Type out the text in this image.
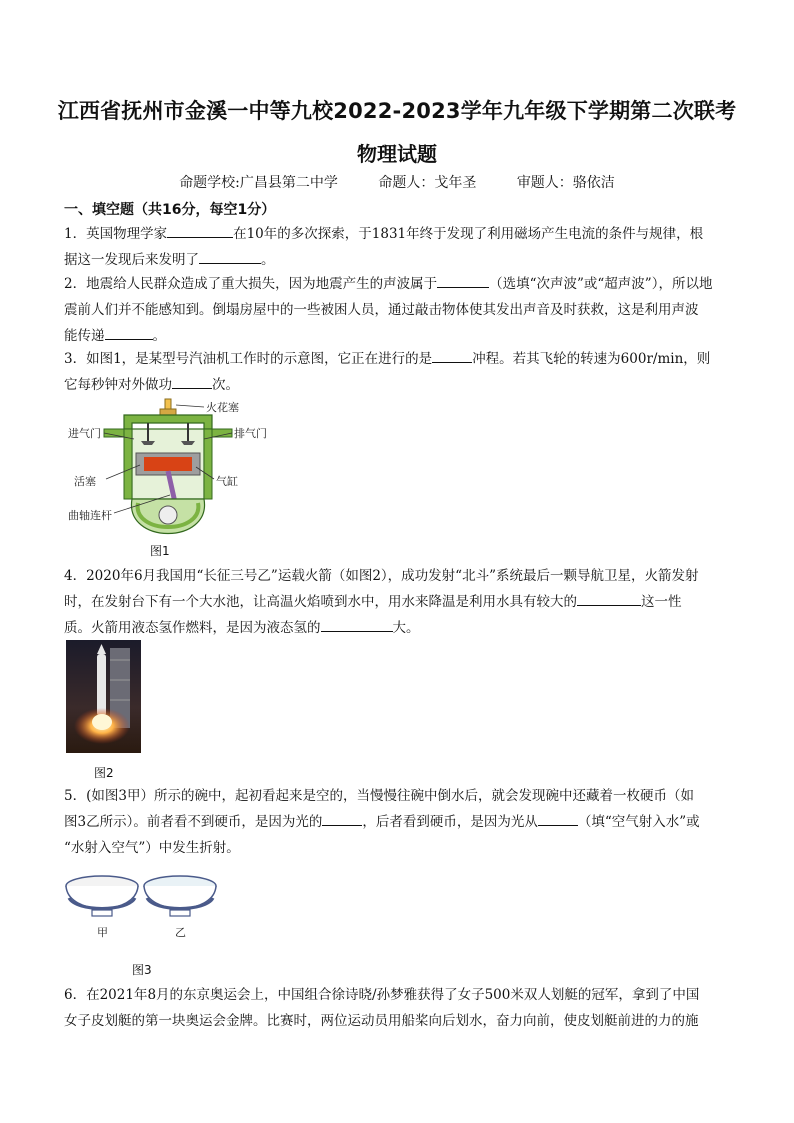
江西省抚州市金溪一中等九校2022-2023学年九年级下学期第二次联考
物理试题
命题学校:广昌县第二中学	命题人：戈年圣	审题人：骆依洁
一、填空题（共16分，每空1分）
1．英国物理学家	在10年的多次探索，于1831年终于发现了利用磁场产生电流的条件与规律，根
据这一发现后来发明了	。
2．地震给人民群众造成了重大损失，因为地震产生的声波属于	（选填“次声波”或“超声波”），所以地
震前人们并不能感知到。倒塌房屋中的一些被困人员，通过敲击物体使其发出声音及时获救，这是利用声波
能传递	。
3．如图1，是某型号汽油机工作时的示意图，它正在进行的是	冲程。若其飞轮的转速为600r/min，则
它每秒钟对外做功	次。
火花塞
进气门	排气门
活塞	气缸
曲轴连杆
图1
4．2020年6月我国用“长征三号乙”运载火箭（如图2），成功发射“北斗”系统最后一颗导航卫星，火箭发射
时，在发射台下有一个大水池，让高温火焰喷到水中，用水来降温是利用水具有较大的	这一性
质。火箭用液态氢作燃料，是因为液态氢的	大。
图2
5．(如图3甲）所示的碗中，起初看起来是空的，当慢慢往碗中倒水后，就会发现碗中还藏着一枚硬币（如
图3乙所示）。前者看不到硬币，是因为光的	，后者看到硬币，是因为光从	（填“空气射入水”或
“水射入空气”）中发生折射。
甲	乙
图3
6．在2021年8月的东京奥运会上，中国组合徐诗晓/孙梦雅获得了女子500米双人划艇的冠军，拿到了中国
女子皮划艇的第一块奥运会金牌。比赛时，两位运动员用船桨向后划水，奋力向前，使皮划艇前进的力的施
